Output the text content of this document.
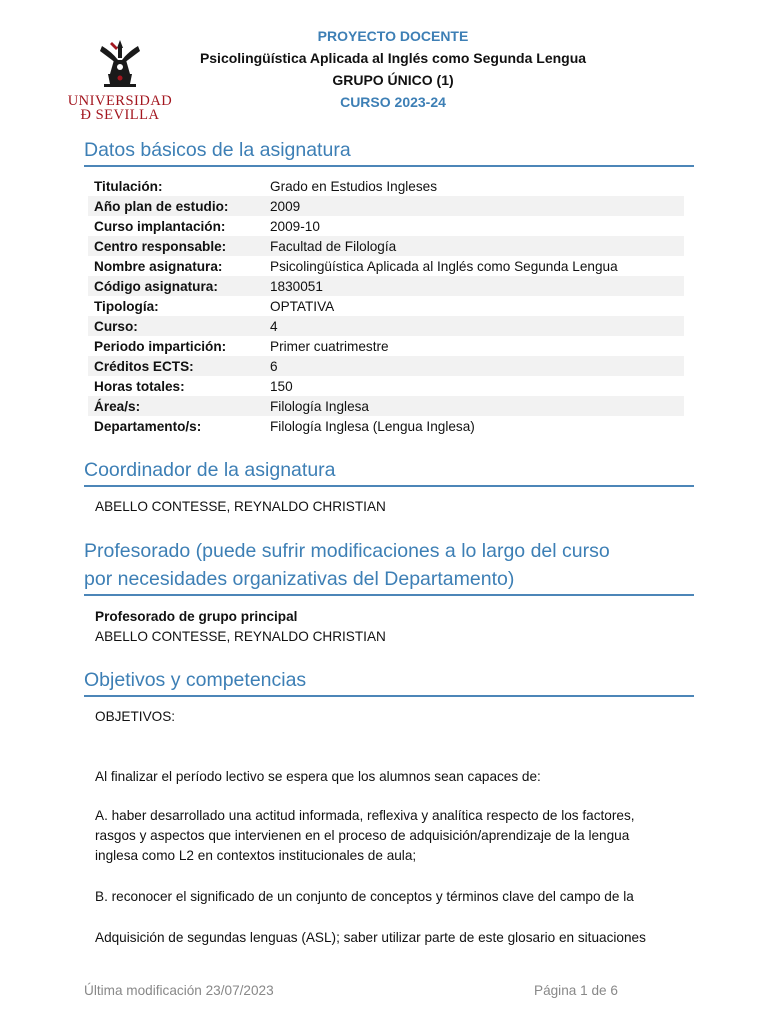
UNIVERSIDAD
Ð SEVILLA
PROYECTO DOCENTE
Psicolingüística Aplicada al Inglés como Segunda Lengua
GRUPO ÚNICO (1)
CURSO 2023-24
Datos básicos de la asignatura
Titulación:	Grado en Estudios Ingleses
Año plan de estudio:	2009
Curso implantación:	2009-10
Centro responsable:	Facultad de Filología
Nombre asignatura:	Psicolingüística Aplicada al Inglés como Segunda Lengua
Código asignatura:	1830051
Tipología:	OPTATIVA
Curso:	4
Periodo impartición:	Primer cuatrimestre
Créditos ECTS:	6
Horas totales:	150
Área/s:	Filología Inglesa
Departamento/s:	Filología Inglesa (Lengua Inglesa)
Coordinador de la asignatura
ABELLO CONTESSE, REYNALDO CHRISTIAN
Profesorado (puede sufrir modificaciones a lo largo del curso
por necesidades organizativas del Departamento)
Profesorado de grupo principal
ABELLO CONTESSE, REYNALDO CHRISTIAN
Objetivos y competencias
OBJETIVOS:
Al finalizar el período lectivo se espera que los alumnos sean capaces de:
A. haber desarrollado una actitud informada, reflexiva y analítica respecto de los factores,
rasgos y aspectos que intervienen en el proceso de adquisición/aprendizaje de la lengua
inglesa como L2 en contextos institucionales de aula;
B. reconocer el significado de un conjunto de conceptos y términos clave del campo de la
Adquisición de segundas lenguas (ASL); saber utilizar parte de este glosario en situaciones
Última modificación 23/07/2023	Página 1 de 6
